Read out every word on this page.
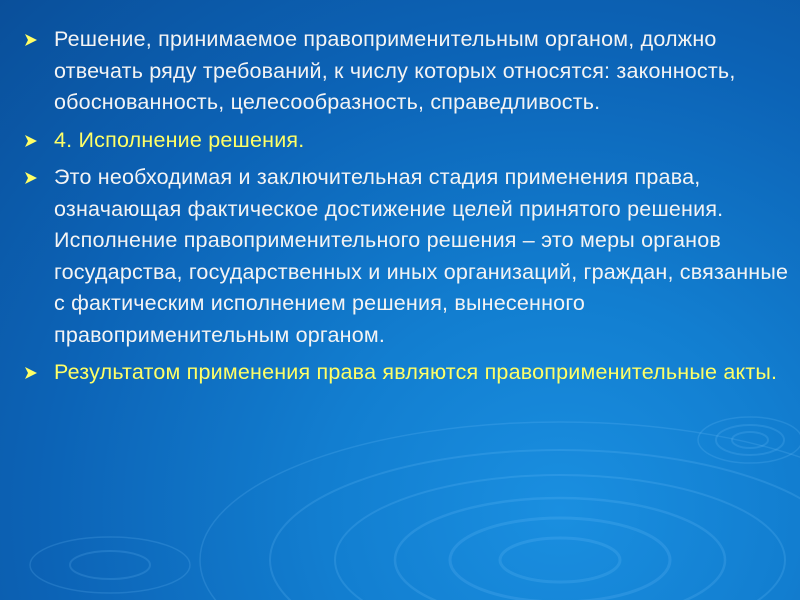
Решение, принимаемое правоприменительным органом, должно отвечать ряду требований, к числу которых относятся: законность, обоснованность, целесообразность, справедливость.
4. Исполнение решения.
Это необходимая и заключительная стадия применения права, означающая фактическое достижение целей принятого решения. Исполнение правоприменительного решения – это меры органов государства, государственных и иных организаций, граждан, связанные с фактическим исполнением решения, вынесенного правоприменительным органом.
Результатом применения права являются правоприменительные акты.
